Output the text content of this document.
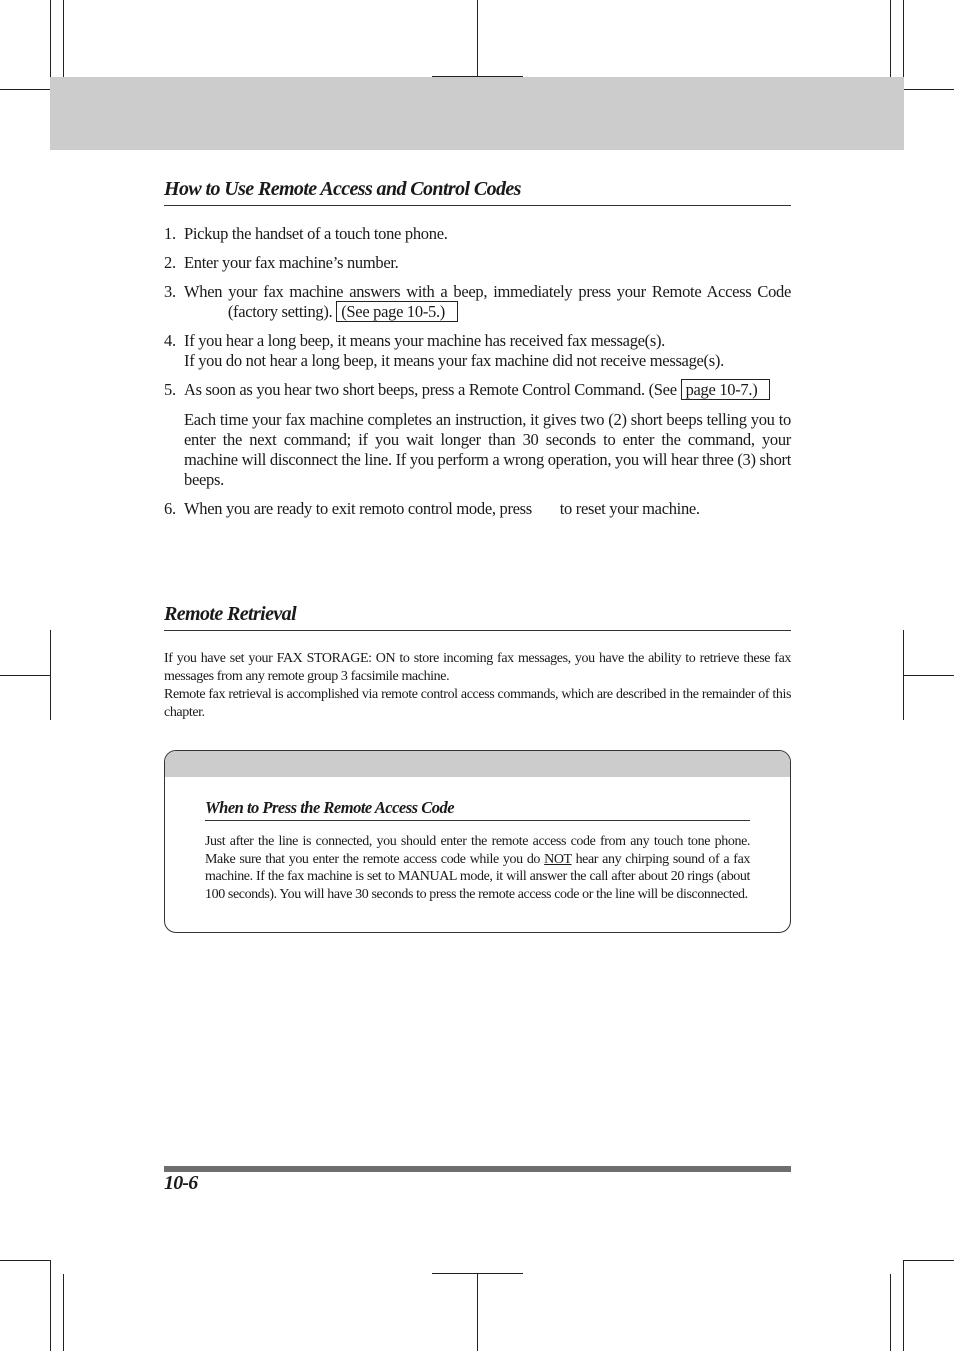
How to Use Remote Access and Control Codes
1. Pickup the handset of a touch tone phone.
2. Enter your fax machine’s number.
3. When your fax machine answers with a beep, immediately press your Remote Access Code (factory setting). (See page 10-5.)
4. If you hear a long beep, it means your machine has received fax message(s).
If you do not hear a long beep, it means your fax machine did not receive message(s).
5. As soon as you hear two short beeps, press a Remote Control Command. (See page 10-7.)
Each time your fax machine completes an instruction, it gives two (2) short beeps telling you to enter the next command; if you wait longer than 30 seconds to enter the command, your machine will disconnect the line. If you perform a wrong operation, you will hear three (3) short beeps.
6. When you are ready to exit remoto control mode, press to reset your machine.
Remote Retrieval

If you have set your FAX STORAGE: ON to store incoming fax messages, you have the ability to retrieve these fax messages from any remote group 3 facsimile machine.

Remote fax retrieval is accomplished via remote control access commands, which are described in the remainder of this chapter.

When to Press the Remote Access Code
Just after the line is connected, you should enter the remote access code from any touch tone phone. Make sure that you enter the remote access code while you do NOT hear any chirping sound of a fax machine. If the fax machine is set to MANUAL mode, it will answer the call after about 20 rings (about 100 seconds). You will have 30 seconds to press the remote access code or the line will be disconnected.
10-6
